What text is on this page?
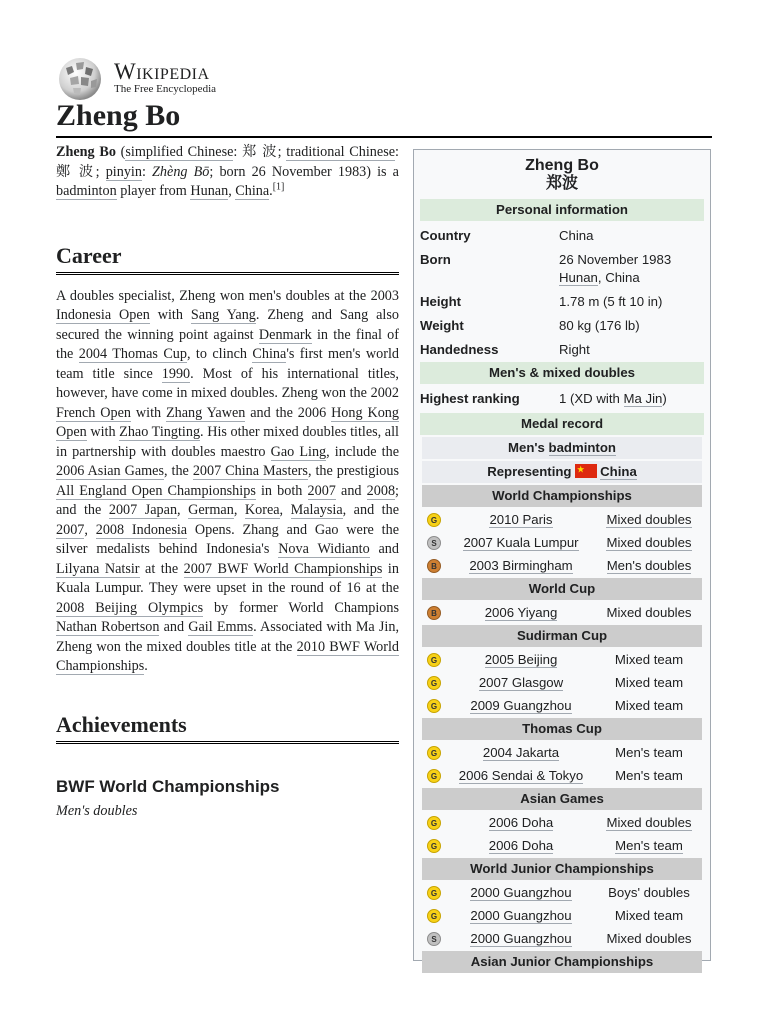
Wikipedia
The Free Encyclopedia
Zheng Bo

Zheng Bo (simplified Chinese: 郑 波; traditional Chinese: 鄭 波; pinyin: Zhèng Bō; born 26 November 1983) is a badminton player from Hunan, China.[1]

Career

A doubles specialist, Zheng won men's doubles at the 2003 Indonesia Open with Sang Yang. Zheng and Sang also secured the winning point against Denmark in the final of the 2004 Thomas Cup, to clinch China's first men's world team title since 1990. Most of his international titles, however, have come in mixed doubles. Zheng won the 2002 French Open with Zhang Yawen and the 2006 Hong Kong Open with Zhao Tingting. His other mixed doubles titles, all in partnership with doubles maestro Gao Ling, include the 2006 Asian Games, the 2007 China Masters, the prestigious All England Open Championships in both 2007 and 2008; and the 2007 Japan, German, Korea, Malaysia, and the 2007, 2008 Indonesia Opens. Zhang and Gao were the silver medalists behind Indonesia's Nova Widianto and Lilyana Natsir at the 2007 BWF World Championships in Kuala Lumpur. They were upset in the round of 16 at the 2008 Beijing Olympics by former World Champions Nathan Robertson and Gail Emms. Associated with Ma Jin, Zheng won the mixed doubles title at the 2010 BWF World Championships.

Achievements
BWF World Championships

Men's doubles

Zheng Bo
郑波
Personal information
Country	China
Born	26 November 1983
Hunan, China
Height	1.78 m (5 ft 10 in)
Weight	80 kg (176 lb)
Handedness	Right
Men's & mixed doubles
Highest ranking	1 (XD with Ma Jin)
Medal record
Men's badminton
Representing ★ China
World Championships
G	2010 Paris	Mixed doubles
S	2007 Kuala Lumpur	Mixed doubles
B	2003 Birmingham	Men's doubles
World Cup
B	2006 Yiyang	Mixed doubles
Sudirman Cup
G	2005 Beijing	Mixed team
G	2007 Glasgow	Mixed team
G	2009 Guangzhou	Mixed team
Thomas Cup
G	2004 Jakarta	Men's team
G	2006 Sendai & Tokyo	Men's team
Asian Games
G	2006 Doha	Mixed doubles
G	2006 Doha	Men's team
World Junior Championships
G	2000 Guangzhou	Boys' doubles
G	2000 Guangzhou	Mixed team
S	2000 Guangzhou	Mixed doubles
Asian Junior Championships
